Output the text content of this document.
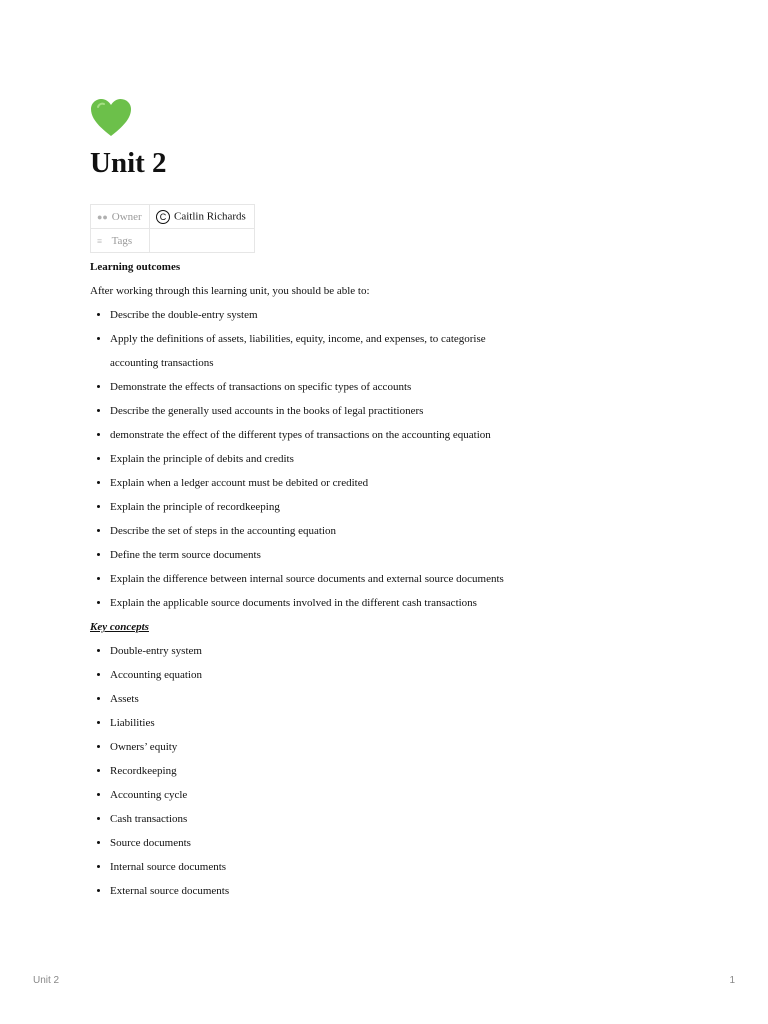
Unit 2
●● Owner	C Caitlin Richards
≡ Tags	

Learning outcomes

After working through this learning unit, you should be able to:

• Describe the double-entry system
• Apply the definitions of assets, liabilities, equity, income, and expenses, to categorise accounting transactions
• Demonstrate the effects of transactions on specific types of accounts
• Describe the generally used accounts in the books of legal practitioners
• demonstrate the effect of the different types of transactions on the accounting equation
• Explain the principle of debits and credits
• Explain when a ledger account must be debited or credited
• Explain the principle of recordkeeping
• Describe the set of steps in the accounting equation
• Define the term source documents
• Explain the difference between internal source documents and external source documents
• Explain the applicable source documents involved in the different cash transactions

Key concepts

• Double-entry system
• Accounting equation
• Assets
• Liabilities
• Owners’ equity
• Recordkeeping
• Accounting cycle
• Cash transactions
• Source documents
• Internal source documents
• External source documents
Unit 2	1
